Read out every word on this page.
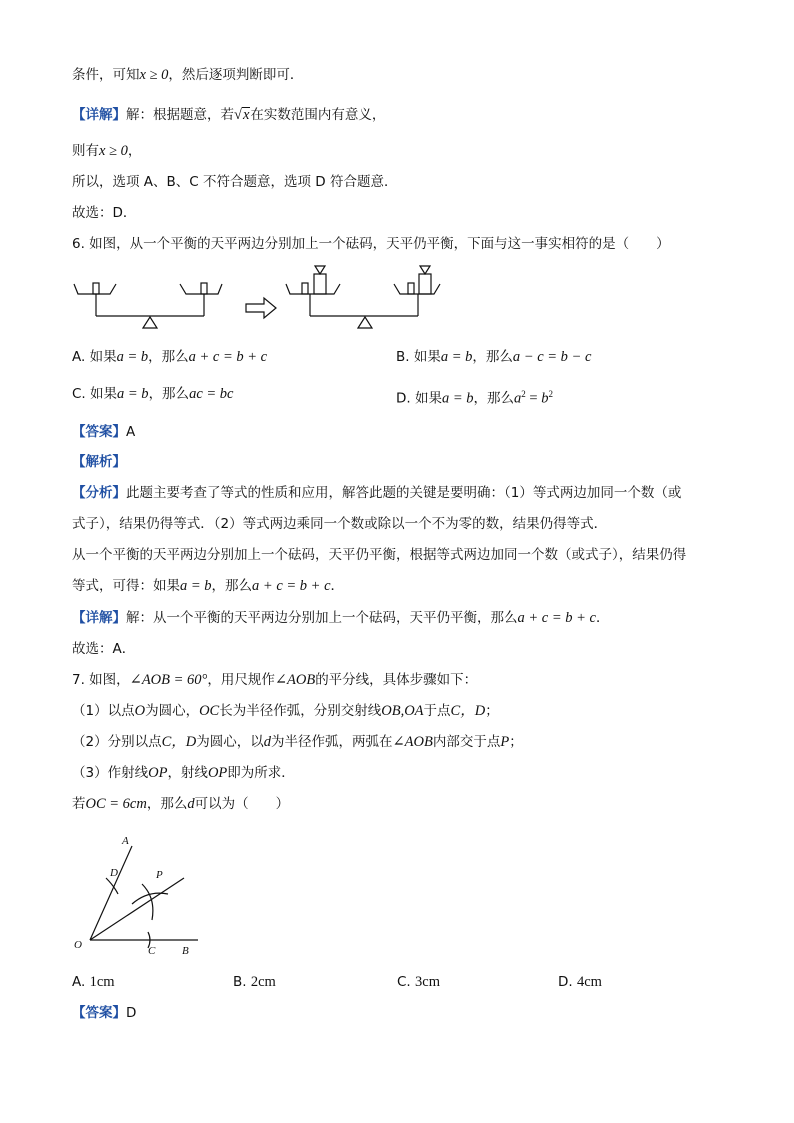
条件，可知x ≥ 0，然后逐项判断即可．
【详解】解：根据题意，若√x在实数范围内有意义，
则有x ≥ 0，
所以，选项 A、B、C 不符合题意，选项 D 符合题意．
故选：D．
6. 如图，从一个平衡的天平两边分别加上一个砝码，天平仍平衡，下面与这一事实相符的是（　　）
A. 如果a = b，那么a + c = b + c	B. 如果a = b，那么a − c = b − c
C. 如果a = b，那么ac = bc	D. 如果a = b，那么$a^2 = b^2$
【答案】A
【解析】
【分析】此题主要考查了等式的性质和应用，解答此题的关键是要明确：（1）等式两边加同一个数（或
式子），结果仍得等式．（2）等式两边乘同一个数或除以一个不为零的数，结果仍得等式．
从一个平衡的天平两边分别加上一个砝码，天平仍平衡，根据等式两边加同一个数（或式子），结果仍得
等式，可得：如果a = b，那么a + c = b + c．
【详解】解：从一个平衡的天平两边分别加上一个砝码，天平仍平衡，那么a + c = b + c．
故选：A．
7. 如图，∠AOB = 60°，用尺规作∠AOB的平分线，具体步骤如下：
（1）以点O为圆心，OC长为半径作弧，分别交射线OB,OA于点C，D；
（2）分别以点C，D为圆心，以d为半径作弧，两弧在∠AOB内部交于点P；
（3）作射线OP，射线OP即为所求．
若OC = 6cm，那么d可以为（　　）
A
D	P
O	C B
A. 1cm	B. 2cm	C. 3cm	D. 4cm
【答案】D
